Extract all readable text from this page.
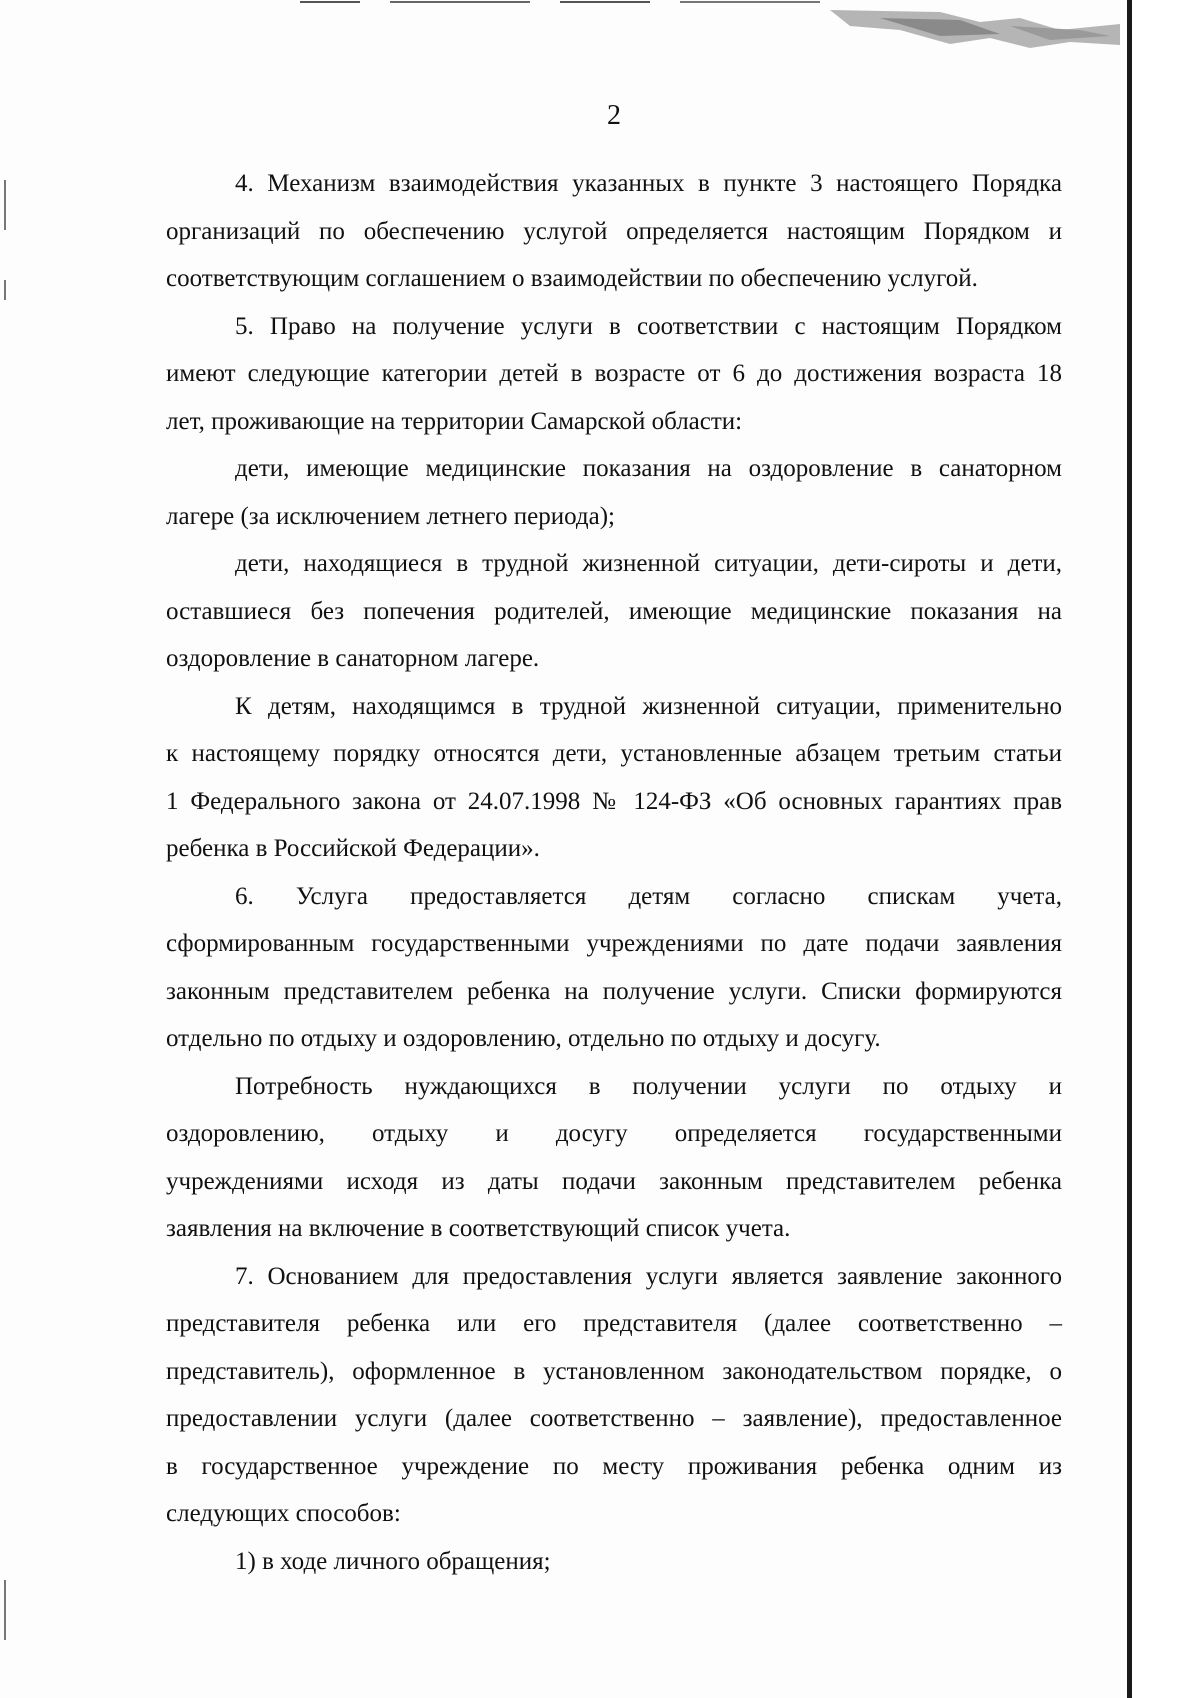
2
4. Механизм взаимодействия указанных в пункте 3 настоящего Порядка
организаций по обеспечению услугой определяется настоящим Порядком и
соответствующим соглашением о взаимодействии по обеспечению услугой.
5. Право на получение услуги в соответствии с настоящим Порядком
имеют следующие категории детей в возрасте от 6 до достижения возраста 18
лет, проживающие на территории Самарской области:
дети, имеющие медицинские показания на оздоровление в санаторном
лагере (за исключением летнего периода);
дети, находящиеся в трудной жизненной ситуации, дети-сироты и дети,
оставшиеся без попечения родителей, имеющие медицинские показания на
оздоровление в санаторном лагере.
К детям, находящимся в трудной жизненной ситуации, применительно
к настоящему порядку относятся дети, установленные абзацем третьим статьи
1 Федерального закона от 24.07.1998 № 124-ФЗ «Об основных гарантиях прав
ребенка в Российской Федерации».
6. Услуга предоставляется детям согласно спискам учета,
сформированным государственными учреждениями по дате подачи заявления
законным представителем ребенка на получение услуги. Списки формируются
отдельно по отдыху и оздоровлению, отдельно по отдыху и досугу.
Потребность нуждающихся в получении услуги по отдыху и
оздоровлению, отдыху и досугу определяется государственными
учреждениями исходя из даты подачи законным представителем ребенка
заявления на включение в соответствующий список учета.
7. Основанием для предоставления услуги является заявление законного
представителя ребенка или его представителя (далее соответственно –
представитель), оформленное в установленном законодательством порядке, о
предоставлении услуги (далее соответственно – заявление), предоставленное
в государственное учреждение по месту проживания ребенка одним из
следующих способов:
1) в ходе личного обращения;
